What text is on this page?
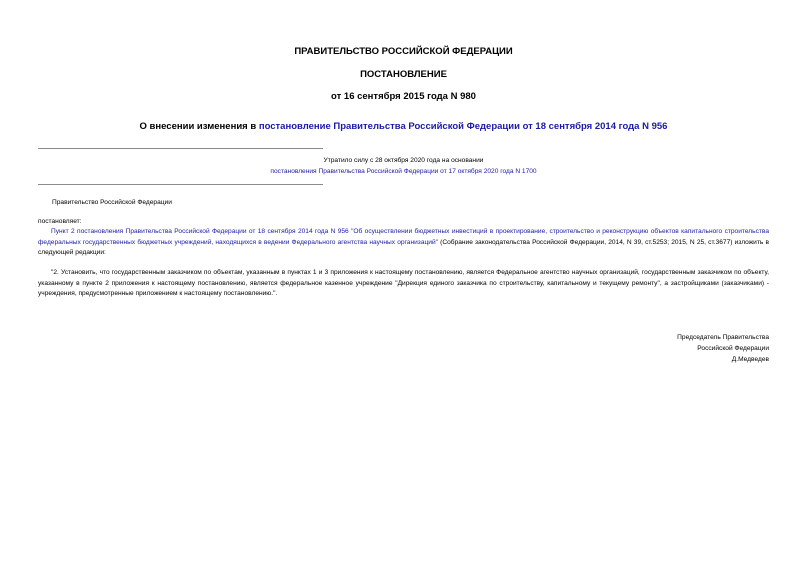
ПРАВИТЕЛЬСТВО РОССИЙСКОЙ ФЕДЕРАЦИИ
ПОСТАНОВЛЕНИЕ
от 16 сентября 2015 года N 980
О внесении изменения в постановление Правительства Российской Федерации от 18 сентября 2014 года N 956
Утратило силу с 28 октября 2020 года на основании
постановления Правительства Российской Федерации от 17 октября 2020 года N 1700
Правительство Российской Федерации
постановляет:
Пункт 2 постановления Правительства Российской Федерации от 18 сентября 2014 года N 956 "Об осуществлении бюджетных инвестиций в проектирование, строительство и реконструкцию объектов капитального строительства федеральных государственных бюджетных учреждений, находящихся в ведении Федерального агентства научных организаций" (Собрание законодательства Российской Федерации, 2014, N 39, ст.5253; 2015, N 25, ст.3677) изложить в следующей редакции:
"2. Установить, что государственным заказчиком по объектам, указанным в пунктах 1 и 3 приложения к настоящему постановлению, является Федеральное агентство научных организаций, государственным заказчиком по объекту, указанному в пункте 2 приложения к настоящему постановлению, является федеральное казенное учреждение "Дирекция единого заказчика по строительству, капитальному и текущему ремонту", а застройщиками (заказчиками) - учреждения, предусмотренные приложением к настоящему постановлению.".
Председатель Правительства
Российской Федерации
Д.Медведев
